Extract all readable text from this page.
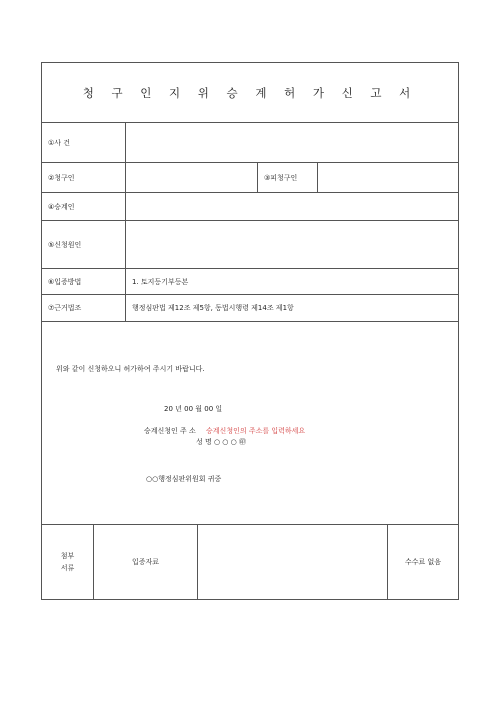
청 구 인 지 위 승 계 허 가 신 고 서
①사 건
②청구인	③피청구인
④승계인
⑤신청원인
⑥입증방법	1. 토지등기부등본
⑦근거법조	행정심판법 제12조 제5항, 동법시행령 제14조 제1항
위와 같이 신청하오니 허가하여 주시기 바랍니다.
20 년 00 월 00 일
승계신청인 주 소 승계신청인의 주소를 입력하세요
성 명 ○ ○ ○ ㊞
○○행정심판위원회 귀중
첨부
서류
입증자료	수수료 없음
